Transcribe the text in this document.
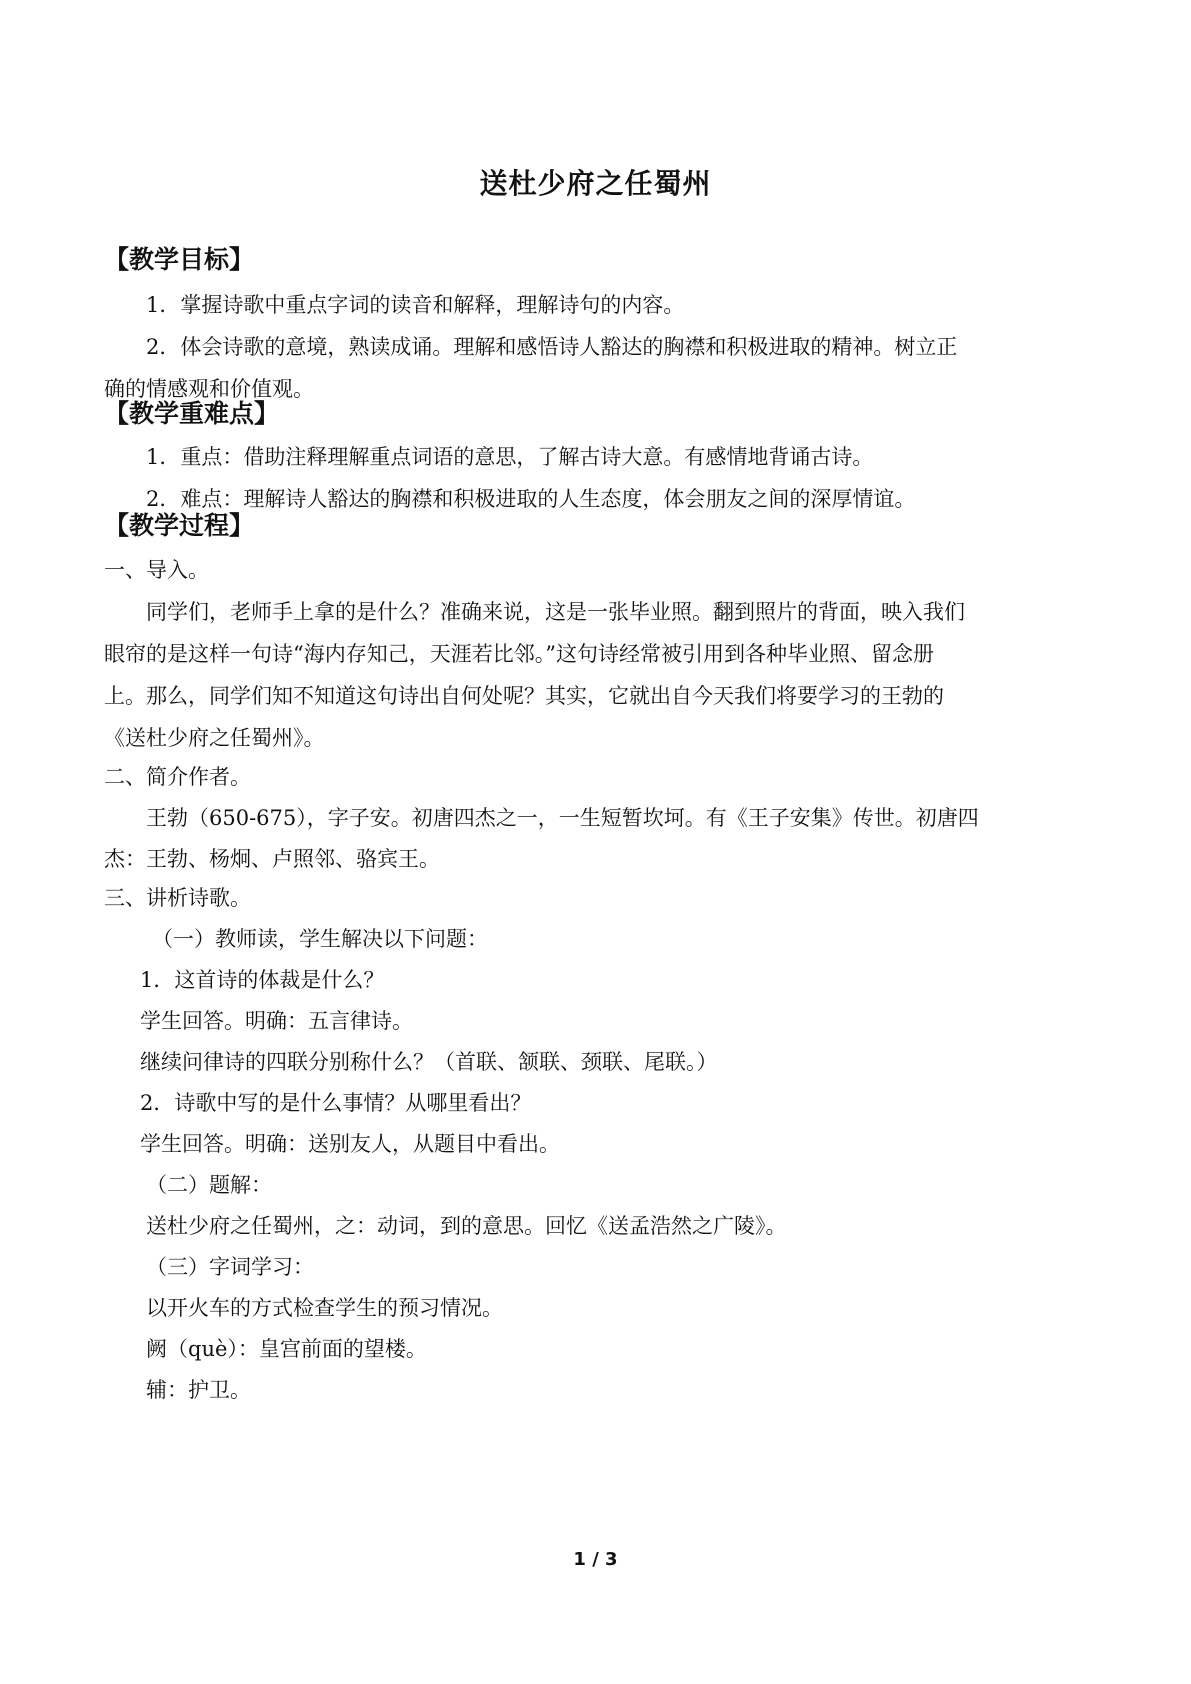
送杜少府之任蜀州
【教学目标】
1．掌握诗歌中重点字词的读音和解释，理解诗句的内容。
2．体会诗歌的意境，熟读成诵。理解和感悟诗人豁达的胸襟和积极进取的精神。树立正
确的情感观和价值观。
【教学重难点】
1．重点：借助注释理解重点词语的意思，了解古诗大意。有感情地背诵古诗。
2．难点：理解诗人豁达的胸襟和积极进取的人生态度，体会朋友之间的深厚情谊。
【教学过程】
一、导入。
同学们，老师手上拿的是什么？准确来说，这是一张毕业照。翻到照片的背面，映入我们
眼帘的是这样一句诗“海内存知己，天涯若比邻。”这句诗经常被引用到各种毕业照、留念册
上。那么，同学们知不知道这句诗出自何处呢？其实，它就出自今天我们将要学习的王勃的
《送杜少府之任蜀州》。
二、简介作者。
王勃（650-675），字子安。初唐四杰之一，一生短暂坎坷。有《王子安集》传世。初唐四
杰：王勃、杨炯、卢照邻、骆宾王。
三、讲析诗歌。
（一）教师读，学生解决以下问题：
1．这首诗的体裁是什么？
学生回答。明确：五言律诗。
继续问律诗的四联分别称什么？（首联、颔联、颈联、尾联。）
2．诗歌中写的是什么事情？从哪里看出？
学生回答。明确：送别友人，从题目中看出。
（二）题解：
送杜少府之任蜀州，之：动词，到的意思。回忆《送孟浩然之广陵》。
（三）字词学习：
以开火车的方式检查学生的预习情况。
阙（què）：皇宫前面的望楼。
辅：护卫。
1 / 3
